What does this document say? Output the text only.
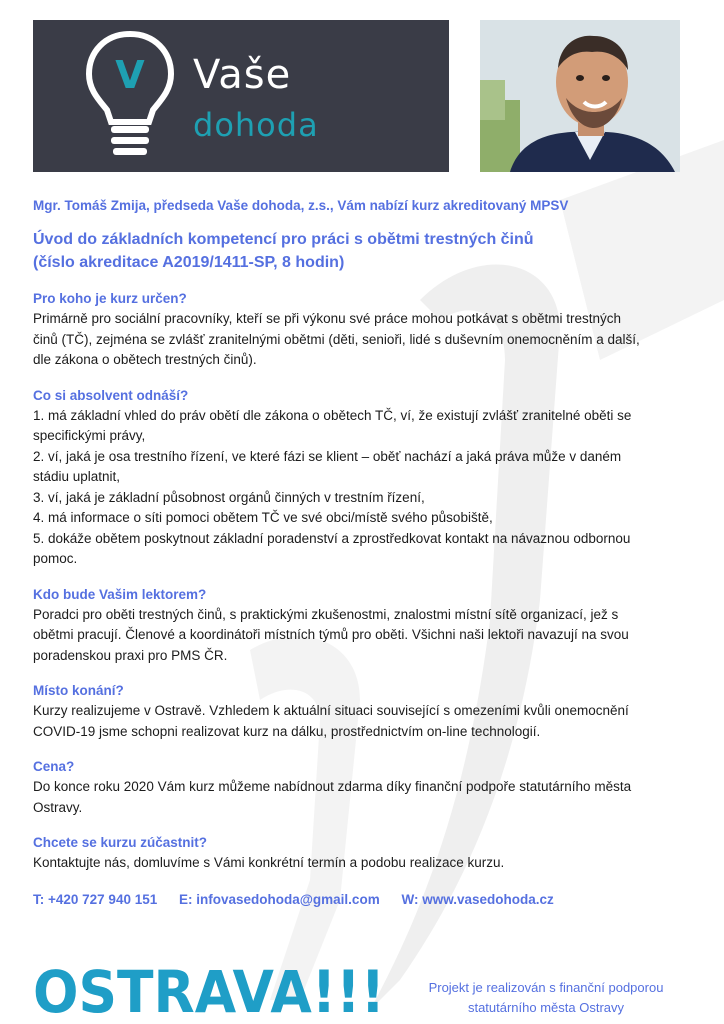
V Vaše
dohoda

Mgr. Tomáš Zmija, předseda Vaše dohoda, z.s., Vám nabízí kurz akreditovaný MPSV

Úvod do základních kompetencí pro práci s obětmi trestných činů
(číslo akreditace A2019/1411-SP, 8 hodin)
Pro koho je kurz určen?

Primárně pro sociální pracovníky, kteří se při výkonu své práce mohou potkávat s obětmi trestných

činů (TČ), zejména se zvlášť zranitelnými obětmi (děti, senioři, lidé s duševním onemocněním a další,

dle zákona o obětech trestných činů).

Co si absolvent odnáší?

1. má základní vhled do práv obětí dle zákona o obětech TČ, ví, že existují zvlášť zranitelné oběti se

specifickými právy,

2. ví, jaká je osa trestního řízení, ve které fázi se klient – oběť nachází a jaká práva může v daném

stádiu uplatnit,

3. ví, jaká je základní působnost orgánů činných v trestním řízení,

4. má informace o síti pomoci obětem TČ ve své obci/místě svého působiště,

5. dokáže obětem poskytnout základní poradenství a zprostředkovat kontakt na návaznou odbornou

pomoc.

Kdo bude Vašim lektorem?

Poradci pro oběti trestných činů, s praktickými zkušenostmi, znalostmi místní sítě organizací, jež s

obětmi pracují. Členové a koordinátoři místních týmů pro oběti. Všichni naši lektoři navazují na svou

poradenskou praxi pro PMS ČR.

Místo konání?

Kurzy realizujeme v Ostravě. Vzhledem k aktuální situaci související s omezeními kvůli onemocnění

COVID-19 jsme schopni realizovat kurz na dálku, prostřednictvím on-line technologií.

Cena?

Do konce roku 2020 Vám kurz můžeme nabídnout zdarma díky finanční podpoře statutárního města

Ostravy.

Chcete se kurzu zúčastnit?

Kontaktujte nás, domluvíme s Vámi konkrétní termín a podobu realizace kurzu.

T: +420 727 940 151 E: infovasedohoda@gmail.com W: www.vasedohoda.cz
OSTRAVA!!!	Projekt je realizován s finanční podporou
statutárního města Ostravy
